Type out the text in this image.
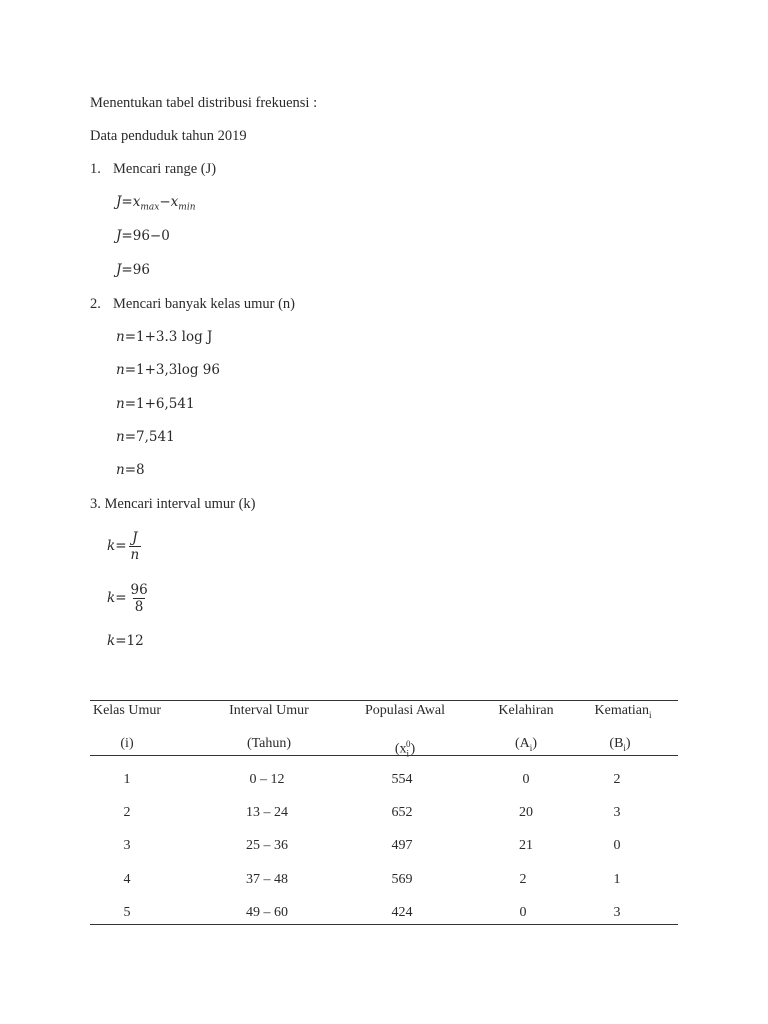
Menentukan tabel distribusi frekuensi :
Data penduduk tahun 2019
1. Mencari range (J)
$J=x_{max}-x_{min}$
J=96−0
J=96
2. Mencari banyak kelas umur (n)
n=1+3.3 log J
n=1+3,3log 96
n=1+6,541
n=7,541
n=8
3. Mencari interval umur (k)
$k= \frac{J}{n}$
$k= \frac{96}{8}$
k=12
Kelas Umur	Interval Umur	Populasi Awal	Kelahiran	Kematian$_i$
(i)	(Tahun)	$(x_i^0)$	$(A_i)$	$(B_i)$
1	0 – 12	554	0	2
2	13 – 24	652	20	3
3	25 – 36	497	21	0
4	37 – 48	569	2	1
5	49 – 60	424	0	3
